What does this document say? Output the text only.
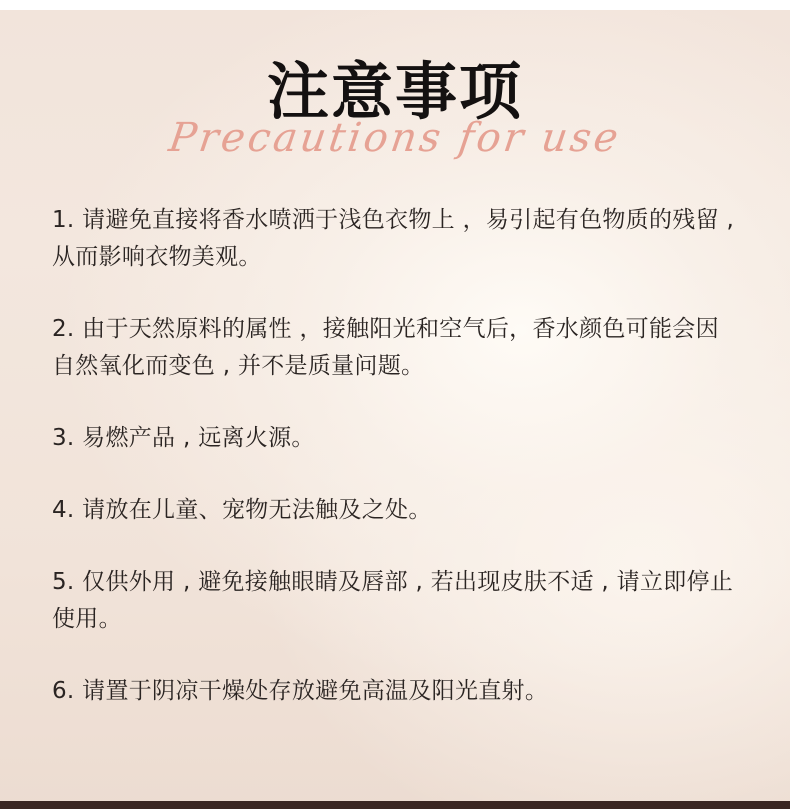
注意事项
Precautions for use
1. 请避免直接将香水喷洒于浅色衣物上 ，易引起有色物质的残留 , 从而影响衣物美观。
2. 由于天然原料的属性 ，接触阳光和空气后，香水颜色可能会因自然氧化而变色 , 并不是质量问题。
3. 易燃产品 , 远离火源。
4. 请放在儿童、宠物无法触及之处。
5. 仅供外用 , 避免接触眼睛及唇部 , 若出现皮肤不适 , 请立即停止使用。
6. 请置于阴凉干燥处存放避免高温及阳光直射。
